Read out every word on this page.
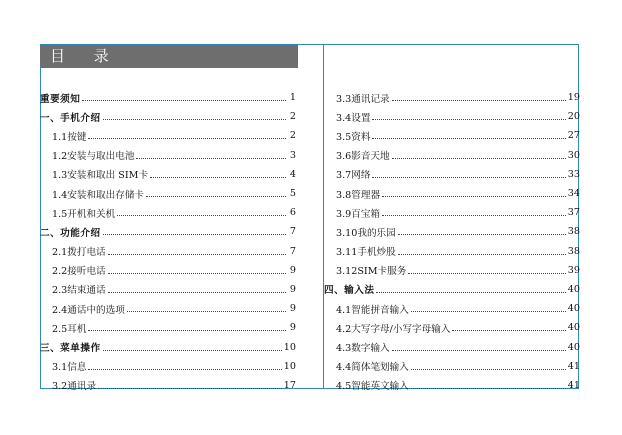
目 录
重要须知	1
一、手机介绍	2
1.1按键	2
1.2安装与取出电池	3
1.3安装和取出 SIM卡	4
1.4安装和取出存储卡	5
1.5开机和关机	6
二、功能介绍	7
2.1拨打电话	7
2.2接听电话	9
2.3结束通话	9
2.4通话中的选项	9
2.5耳机	9
三、菜单操作	10
3.1信息	10
3.2通讯录	17
3.3通讯记录	19
3.4设置	20
3.5资料	27
3.6影音天地	30
3.7网络	33
3.8管理器	34
3.9百宝箱	37
3.10我的乐园	38
3.11手机炒股	38
3.12SIM卡服务	39
四、输入法	40
4.1智能拼音输入	40
4.2大写字母/小写字母输入	40
4.3数字输入	40
4.4简体笔划输入	41
4.5智能英文输入	41
